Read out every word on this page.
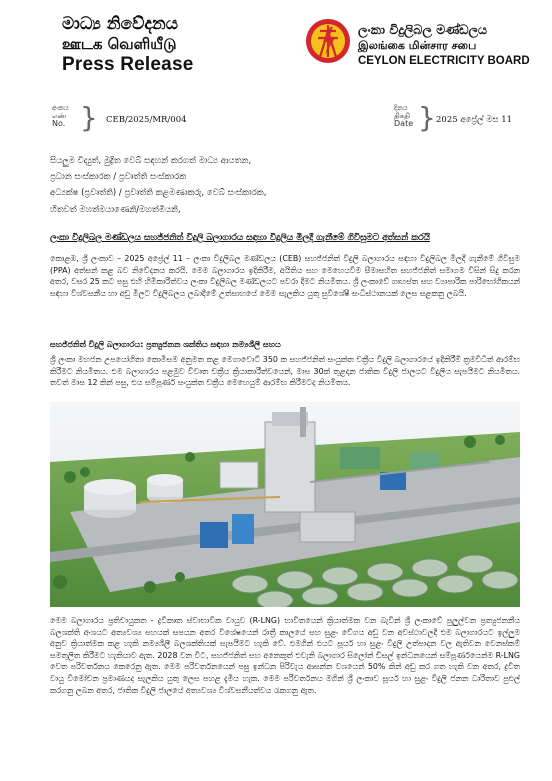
මාධ්‍ය නිවේදනය
ஊடக வெளியீடு
Press Release
ලංකා විදුලිබල මණ්ඩලය
இலங்கை மின்சார சபை
CEYLON ELECTRICITY BOARD
අංකය
எண்
No. } CEB/2025/MR/004
දිනය
திகதி
Date } 2025 අප්‍රේල් මස 11
සියලුම විද්‍යුත්, මුද්‍රිත වෙබ් සඳහන් කරගත් මාධ්‍ය ආයතන,
ප්‍රධාන සංස්කාරක / ප්‍රවෘත්ති සංස්කාරක
අධ්‍යක්ෂ (ප්‍රවෘත්ති) / ප්‍රවෘත්ති කළමණාකරු, වෙබ් සංස්කාරක,
හිතවත් මහත්මයාණෙනි/මහත්මියනි,
ලංකා විදුලිබල මණ්ඩලය සහජ්ජනිත් විදුලි බලාගාරය සඳහා විදුලිය මිලදී ගැනීමේ ගිවිසුමට අත්සන් කරයි
කොළඹ, ශ්‍රී ලංකාව – 2025 අප්‍රේල් 11 – ලංකා විදුලිබල මණ්ඩලය (CEB) සහජ්ජනිත් විදුලි බලාගාරය සඳහා විදුලිබල මිලදී ගැනීමේ ගිවිසුම (PPA) අත්සන් කළ බව නිවේදනය කරයි. මෙම බලාගාරය ඉදිකිරීම, අයිතිය සහ මෙහෙයවීම සීමාසහිත සහජ්ජනිත් සමාගම විසින් සිදු කරන අතර, වසර 25 කට පසු එහි හිමිකාරිත්වය ලංකා විදුලිබල මණ්ඩලයට පවරා දීමට නියමිතය. ශ්‍රී ලංකාවේ ගෘහස්ත සහ ව්‍යාපාරික පාරිභෝගිකයන් සඳහා විශ්වසනීය හා අඩු මිලට විදුලිබලය ලබාදීමේ උත්සාහයේ මෙම සැලකිය යුතු සුවිශේෂී සංධිස්ථානයක් ලෙස සළකනු ලබයි.
සහජ්ජනිත් විදුලි බලාගාරය: ප්‍රත්‍යුජනන ශක්තිය සඳහා නම්‍යශීලී සහය
ශ්‍රී ලංකා මහජන උපයෝගිතා කොමිසම අනුමත කළ මෙගාවොට් 350 ක සහජ්ජනිත් සංයුක්ත චක්‍රීය විදුලි බලාගාරයේ ඉදිකිරීම් ක්‍රමවිධිත් ආරම්භ කිරීමට නියමිතය. එම බලාගාරය පළමුව විවෘත චක්‍රීය ක්‍රියාකාරීත්වයෙන්, මාස 30ක් තුළදාන ජාතික විදුලි ජාලයට විදුලිය සැපයීමට නියමිතය. තවත් මාස 12 කින් පසු, එය සම්පූර්ණ සංයුක්ත චක්‍රීය මෙහෙයුම් ආරම්භ කිරීමටද නියමිතය.
මෙම බලාගාරය ප්‍රතිචායුකත - ද්‍රවීකෘත ස්වාභාවික වායුව (R-LNG) භාවිතයෙන් ක්‍රියාත්මක වන බැවින් ශ්‍රී ලංකාවේ පුලුල්වන ප්‍රත්‍යුජනනීය බලශක්ති අංශයට අත්‍යවශ්‍ය සහයක් සපයන අතර විශේෂයෙන් රාත්‍රී කාලයේ සහ සුළං වේගය අඩු වන අවස්ථාවලදී එම බලාගාරයට ඉල්ලුම අනුව ක්‍රියාත්මක කළ හැකි නම්‍යශීලී බලශක්තියක් සැපයීමට හැකි වේ. එමගින් එයට සූර්ය හා සුළං විදුලි උත්පාදන වල ඇතිවන වෙනස්කම් සමතුලිත කිරීමට හැකියාව ඇත. 2028 වන විට, සහජ්ජනිත් සහ අනෙකුත් එවැනි බලාගාර සිලෝන් ඩීසල් ඉන්ධනයෙන් සම්පූර්ණයෙන්ම R-LNG වෙත පරිවර්තනය කෙරෙනු ඇත. මෙම පරිවර්තනයෙන් පසු ඉන්ධන පිරිවැය ආසන්න වශයෙන් 50% කින් අඩු කර ගත හැකි වන අතර, ද්‍රවීත වායු විමෝචන ප්‍රමාණයද සැලකිය යුතු ලෙස පහළ දැමිය හැක. මෙම පරිවර්තනය මගින් ශ්‍රී ලංකාව සූර්ය හා සුළං විදුලි ජනන ධාරිතාව පුළුල් කරගනු ලබන අතර, ජාතික විදුලි ජාලයේ අත්‍යවශ්‍ය විශ්වසනීයත්වය රැකගනු ඇත.
